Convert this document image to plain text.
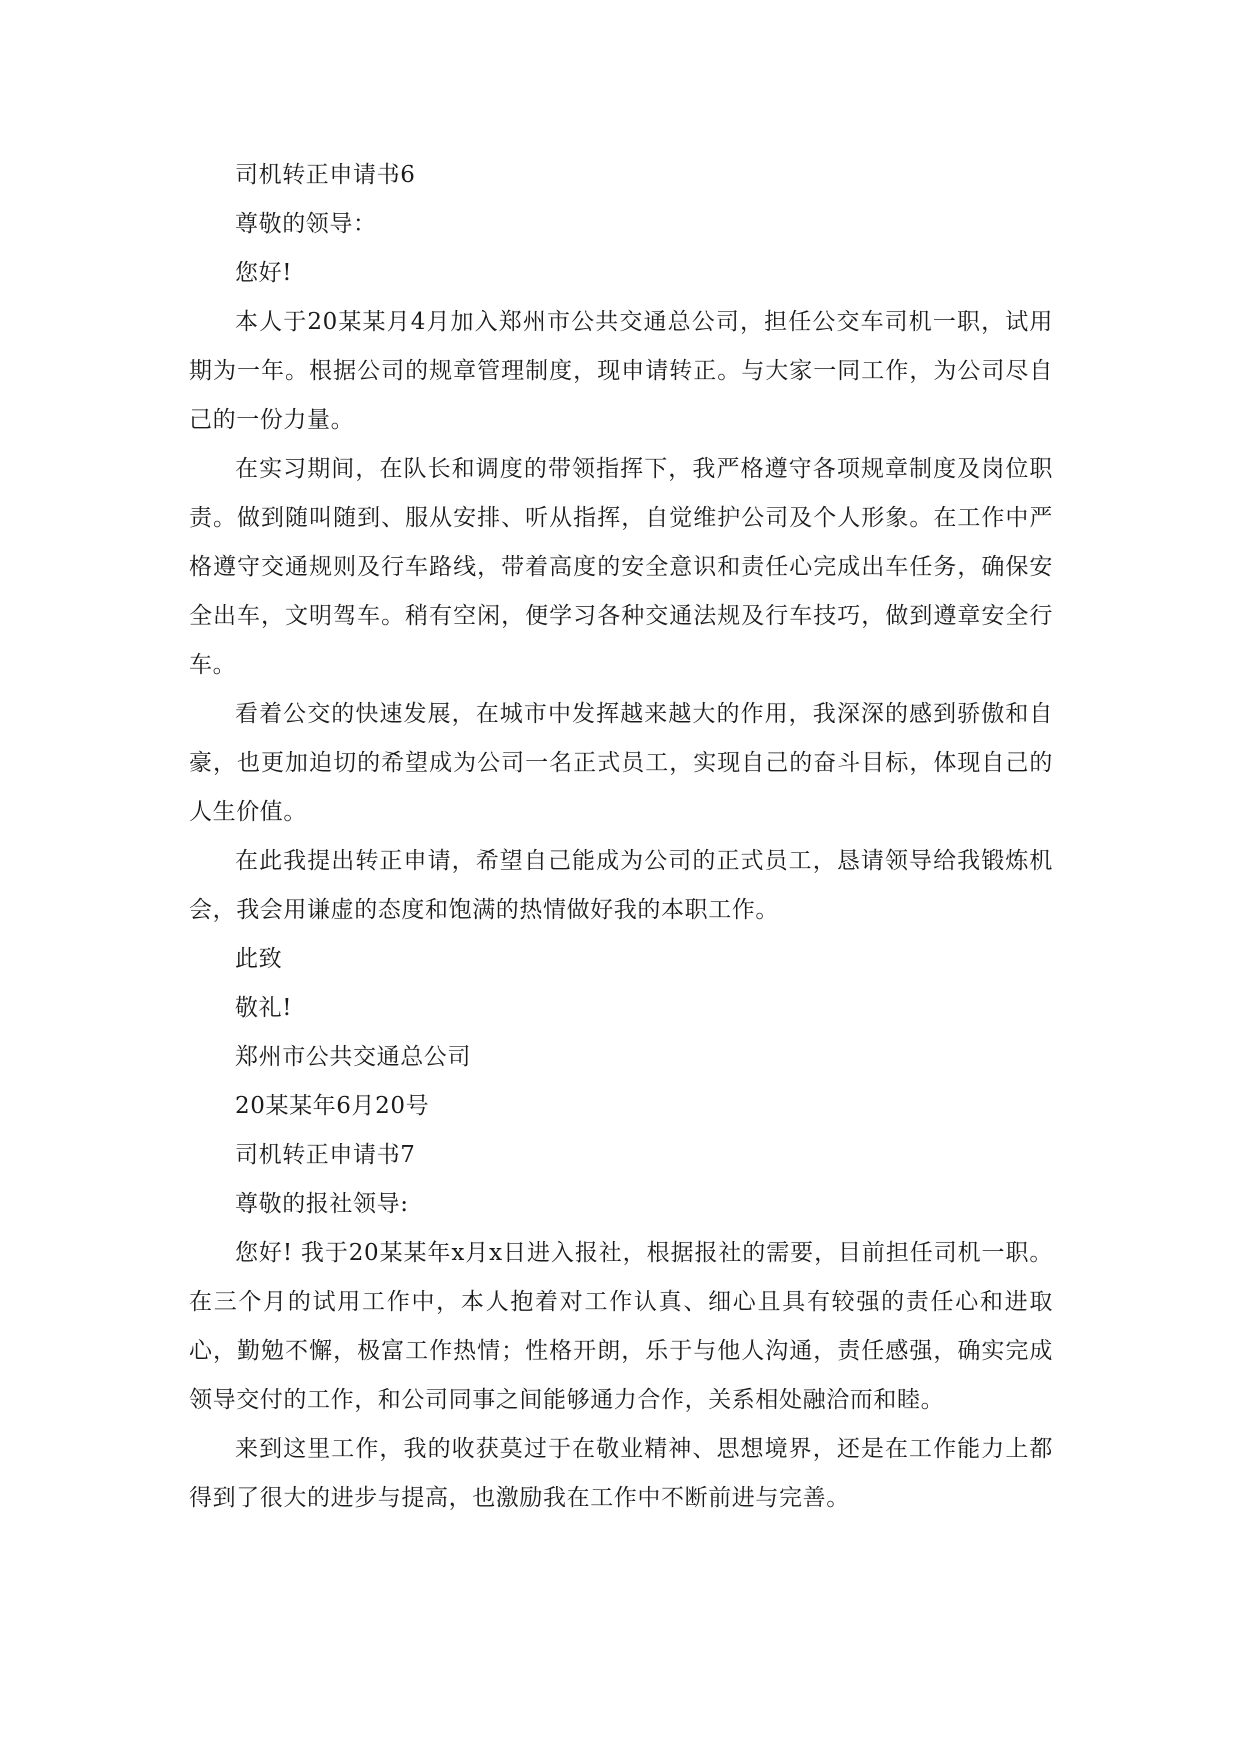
司机转正申请书6

尊敬的领导：

您好!

本人于20某某月4月加入郑州市公共交通总公司，担任公交车司机一职，试用期为一年。根据公司的规章管理制度，现申请转正。与大家一同工作，为公司尽自己的一份力量。

在实习期间，在队长和调度的带领指挥下，我严格遵守各项规章制度及岗位职责。做到随叫随到、服从安排、听从指挥，自觉维护公司及个人形象。在工作中严格遵守交通规则及行车路线，带着高度的安全意识和责任心完成出车任务，确保安全出车，文明驾车。稍有空闲，便学习各种交通法规及行车技巧，做到遵章安全行车。

看着公交的快速发展，在城市中发挥越来越大的作用，我深深的感到骄傲和自豪，也更加迫切的希望成为公司一名正式员工，实现自己的奋斗目标，体现自己的人生价值。

在此我提出转正申请，希望自己能成为公司的正式员工，恳请领导给我锻炼机会，我会用谦虚的态度和饱满的热情做好我的本职工作。

此致

敬礼!

郑州市公共交通总公司

20某某年6月20号

司机转正申请书7

尊敬的报社领导:

您好! 我于20某某年x月x日进入报社，根据报社的需要，目前担任司机一职。在三个月的试用工作中，本人抱着对工作认真、细心且具有较强的责任心和进取心，勤勉不懈，极富工作热情；性格开朗，乐于与他人沟通，责任感强，确实完成领导交付的工作，和公司同事之间能够通力合作，关系相处融洽而和睦。

来到这里工作，我的收获莫过于在敬业精神、思想境界，还是在工作能力上都得到了很大的进步与提高，也激励我在工作中不断前进与完善。
